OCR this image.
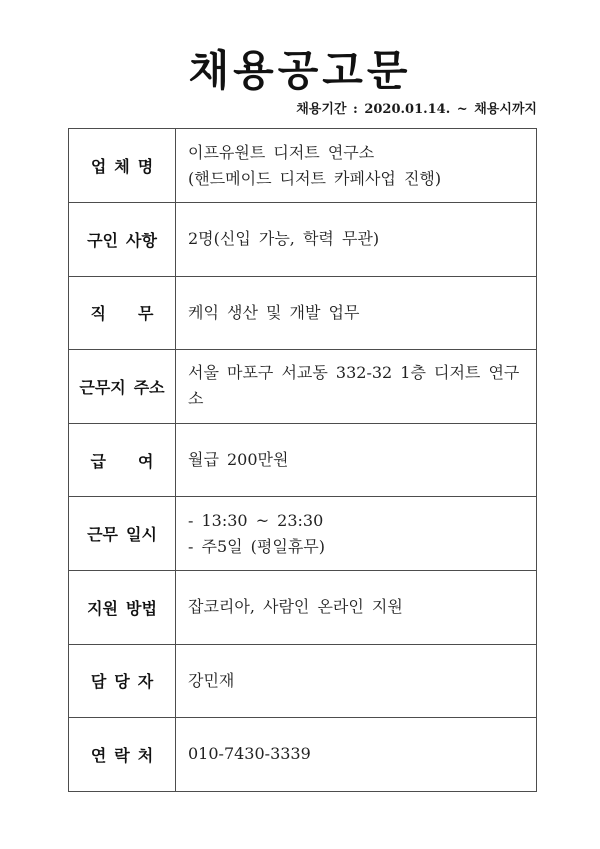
채용공고문
채용기간 : 2020.01.14. ~ 채용시까지
업 체 명	이프유원트 디저트 연구소
(핸드메이드 디저트 카페사업 진행)

구인 사항	2명(신입 가능, 학력 무관)

직  무	케익 생산 및 개발 업무

근무지 주소	서울 마포구 서교동 332-32 1층 디저트 연구소

급  여	월급 200만원

근무 일시	- 13:30 ~ 23:30
- 주5일 (평일휴무)

지원 방법	잡코리아, 사람인 온라인 지원

담 당 자	강민재

연 락 처	010-7430-3339
